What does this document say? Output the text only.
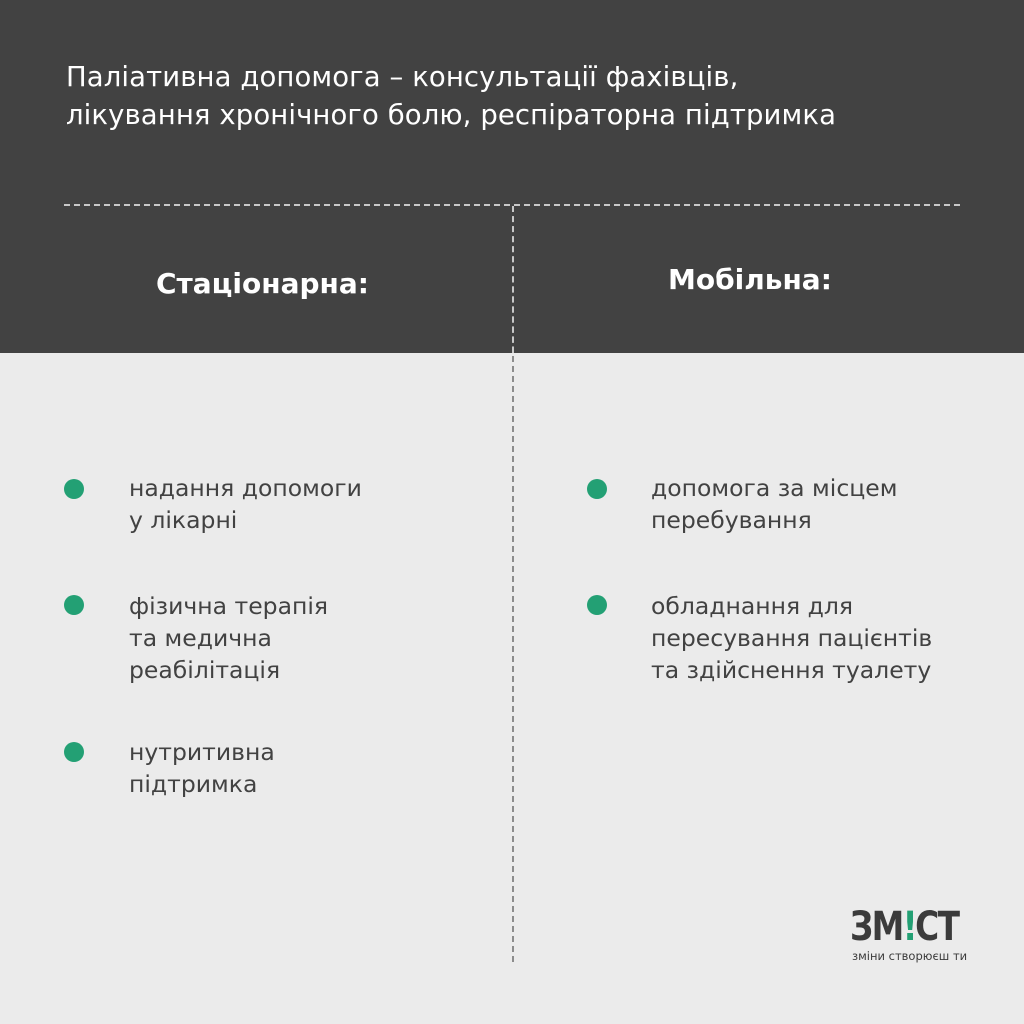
Паліативна допомога – консультації фахівців,
лікування хронічного болю, респіраторна підтримка
Стаціонарна:	Мобільна:
надання допомоги
у лікарні
фізична терапія
та медична
реабілітація
нутритивна
підтримка
допомога за місцем
перебування
обладнання для
пересування пацієнтів
та здійснення туалету
ЗМ!СТ
зміни створюєш ти
